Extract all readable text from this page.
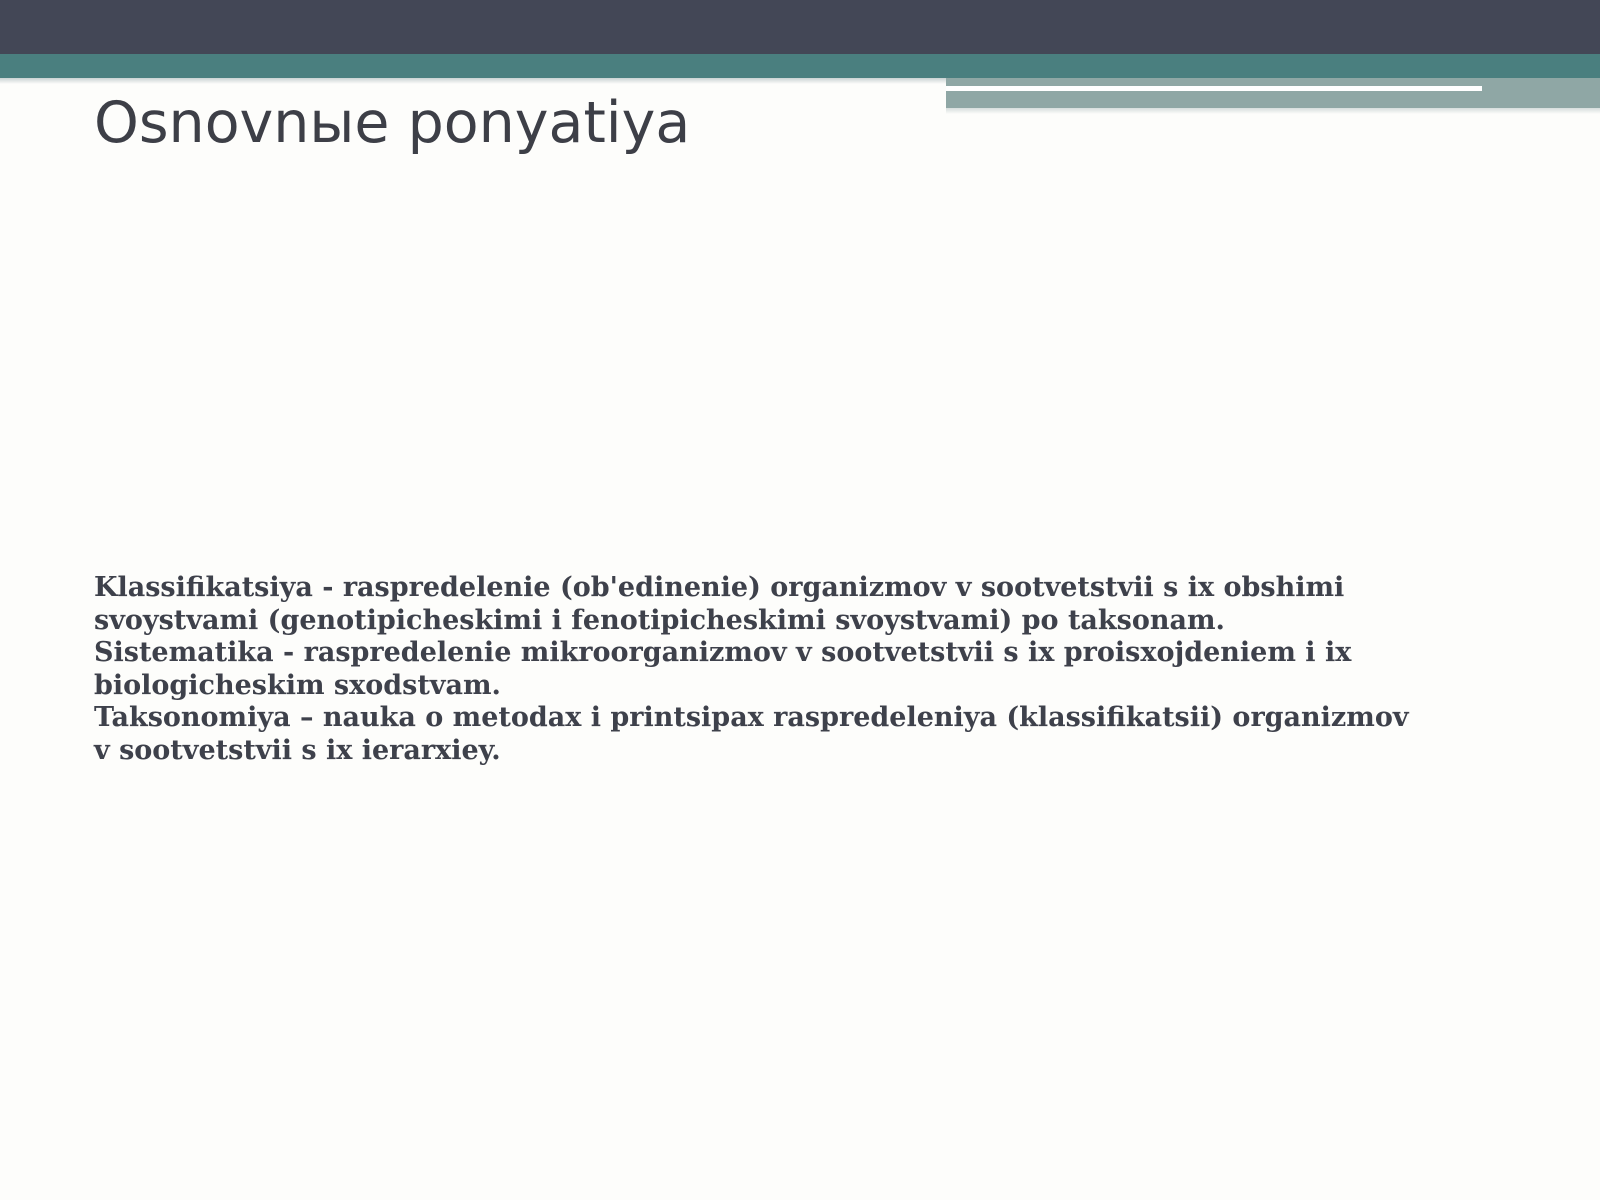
Osnovnыe ponyatiya

Klassifikatsiya - raspredelenie (ob'edinenie) organizmov v sootvetstvii s ix obshimi svoystvami (genotipicheskimi i fenotipicheskimi svoystvami) po taksonam.

Sistematika - raspredelenie mikroorganizmov v sootvetstvii s ix proisxojdeniem i ix biologicheskim sxodstvam.

Taksonomiya – nauka o metodax i printsipax raspredeleniya (klassifikatsii) organizmov v sootvetstvii s ix ierarxiey.
